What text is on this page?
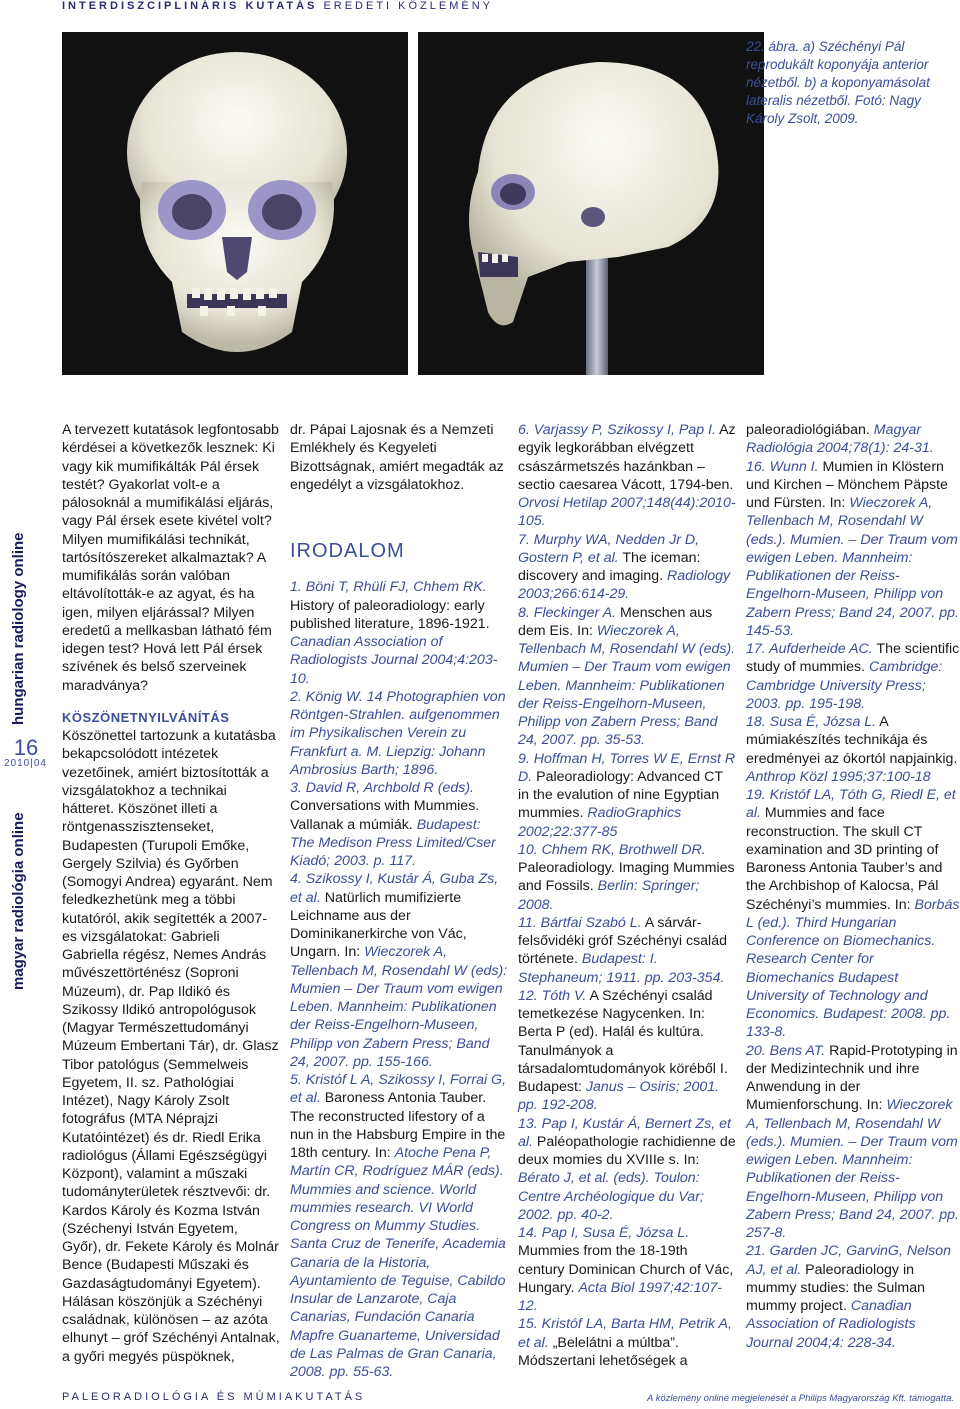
INTERDISZCIPLINÁRIS KUTATÁS EREDETI KÖZLEMÉNY
22. ábra. a) Széchényi Pál reprodukált koponyája anterior nézetből. b) a koponyamásolat lateralis nézetből. Fotó: Nagy Károly Zsolt, 2009.
magyar radiológia online
hungarian radiology online
16
2010|04

A tervezett kutatások legfontosabb kérdései a következők lesznek: Ki vagy kik mumifikálták Pál érsek testét? Gyakorlat volt-e a pálosoknál a mumifikálási eljárás, vagy Pál érsek esete kivétel volt? Milyen mumifikálási technikát, tartósítószereket alkalmaztak? A mumifikálás során valóban eltávolították-e az agyat, és ha igen, milyen eljárással? Milyen eredetű a mellkasban látható fém idegen test? Hová lett Pál érsek szívének és belső szerveinek maradványa?

KÖSZÖNETNYILVÁNÍTÁS

Köszönettel tartozunk a kutatásba bekapcsolódott intézetek vezetőinek, amiért biztosították a vizsgálatokhoz a technikai hátteret. Köszönet illeti a röntgenasszisztenseket, Budapesten (Turupoli Emőke, Gergely Szilvia) és Győrben (Somogyi Andrea) egyaránt. Nem feledkezhetünk meg a többi kutatóról, akik segítették a 2007-es vizsgálatokat: Gabrieli Gabriella régész, Nemes András művészettörténész (Soproni Múzeum), dr. Pap Ildikó és Szikossy Ildikó antropológusok (Magyar Természettudományi Múzeum Embertani Tár), dr. Glasz Tibor patológus (Semmelweis Egyetem, II. sz. Pathológiai Intézet), Nagy Károly Zsolt fotográfus (MTA Néprajzi Kutatóintézet) és dr. Riedl Erika radiológus (Állami Egészségügyi Központ), valamint a műszaki tudományterületek résztvevői: dr. Kardos Károly és Kozma István (Széchenyi István Egyetem, Győr), dr. Fekete Károly és Molnár Bence (Budapesti Műszaki és Gazdaságtudományi Egyetem). Hálásan köszönjük a Széchényi családnak, különösen – az azóta elhunyt – gróf Széchényi Antalnak, a győri megyés püspöknek,

dr. Pápai Lajosnak és a Nemzeti Emlékhely és Kegyeleti Bizottságnak, amiért megadták az engedélyt a vizsgálatokhoz.

IRODALOM

1. Böni T, Rhüli FJ, Chhem RK. History of paleoradiology: early published literature, 1896-1921. Canadian Association of Radiologists Journal 2004;4:203-10.

2. König W. 14 Photographien von Röntgen-Strahlen. aufgenommen im Physikalischen Verein zu Frankfurt a. M. Liepzig: Johann Ambrosius Barth; 1896.

3. David R, Archbold R (eds). Conversations with Mummies. Vallanak a múmiák. Budapest: The Medison Press Limited/Cser Kiadó; 2003. p. 117.

4. Szikossy I, Kustár Á, Guba Zs, et al. Natürlich mumifizierte Leichname aus der Dominikanerkirche von Vác, Ungarn. In: Wieczorek A, Tellenbach M, Rosendahl W (eds): Mumien – Der Traum vom ewigen Leben. Mannheim: Publikationen der Reiss-Engelhorn-Museen, Philipp von Zabern Press; Band 24, 2007. pp. 155-166.

5. Kristóf L A, Szikossy I, Forrai G, et al. Baroness Antonia Tauber. The reconstructed lifestory of a nun in the Habsburg Empire in the 18th century. In: Atoche Pena P, Martín CR, Rodríguez MÁR (eds). Mummies and science. World mummies research. VI World Congress on Mummy Studies. Santa Cruz de Tenerife, Academia Canaria de la Historia, Ayuntamiento de Teguise, Cabildo Insular de Lanzarote, Caja Canarias, Fundación Canaria Mapfre Guanarteme, Universidad de Las Palmas de Gran Canaria, 2008. pp. 55-63.

6. Varjassy P, Szikossy I, Pap I. Az egyik legkorábban elvégzett császármetszés hazánkban –sectio caesarea Vácott, 1794-ben. Orvosi Hetilap 2007;148(44):2010-105.

7. Murphy WA, Nedden Jr D, Gostern P, et al. The iceman: discovery and imaging. Radiology 2003;266:614-29.

8. Fleckinger A. Menschen aus dem Eis. In: Wieczorek A, Tellenbach M, Rosendahl W (eds). Mumien – Der Traum vom ewigen Leben. Mannheim: Publikationen der Reiss-Engelhorn-Museen, Philipp von Zabern Press; Band 24, 2007. pp. 35-53.

9. Hoffman H, Torres W E, Ernst R D. Paleoradiology: Advanced CT in the evalution of nine Egyptian mummies. RadioGraphics 2002;22:377-85

10. Chhem RK, Brothwell DR. Paleoradiology. Imaging Mummies and Fossils. Berlin: Springer; 2008.

11. Bártfai Szabó L. A sárvár-felsővidéki gróf Széchényi család története. Budapest: I. Stephaneum; 1911. pp. 203-354.

12. Tóth V. A Széchényi család temetkezése Nagycenken. In: Berta P (ed). Halál és kultúra. Tanulmányok a társadalomtudományok köréből I. Budapest: Janus – Osiris; 2001. pp. 192-208.

13. Pap I, Kustár Á, Bernert Zs, et al. Paléopathologie rachidienne de deux momies du XVIIIe s. In: Bérato J, et al. (eds). Toulon: Centre Archéologique du Var; 2002. pp. 40-2.

14. Pap I, Susa É, Józsa L. Mummies from the 18-19th century Dominican Church of Vác, Hungary. Acta Biol 1997;42:107-12.

15. Kristóf LA, Barta HM, Petrik A, et al. „Belelátni a múltba”. Módszertani lehetőségek a

paleoradiológiában. Magyar Radiológia 2004;78(1): 24-31.

16. Wunn I. Mumien in Klöstern und Kirchen – Mönchem Päpste und Fürsten. In: Wieczorek A, Tellenbach M, Rosendahl W (eds.). Mumien. – Der Traum vom ewigen Leben. Mannheim: Publikationen der Reiss-Engelhorn-Museen, Philipp von Zabern Press; Band 24, 2007. pp. 145-53.

17. Aufderheide AC. The scientific study of mummies. Cambridge: Cambridge University Press; 2003. pp. 195-198.

18. Susa É, Józsa L. A múmiakészítés technikája és eredményei az ókortól napjainkig. Anthrop Közl 1995;37:100-18

19. Kristóf LA, Tóth G, Riedl E, et al. Mummies and face reconstruction. The skull CT examination and 3D printing of Baroness Antonia Tauber’s and the Archbishop of Kalocsa, Pál Széchényi’s mummies. In: Borbás L (ed.). Third Hungarian Conference on Biomechanics. Research Center for Biomechanics Budapest University of Technology and Economics. Budapest: 2008. pp. 133-8.

20. Bens AT. Rapid-Prototyping in der Medizintechnik und ihre Anwendung in der Mumienforschung. In: Wieczorek A, Tellenbach M, Rosendahl W (eds.). Mumien. – Der Traum vom ewigen Leben. Mannheim: Publikationen der Reiss-Engelhorn-Museen, Philipp von Zabern Press; Band 24, 2007. pp. 257-8.

21. Garden JC, GarvinG, Nelson AJ, et al. Paleoradiology in mummy studies: the Sulman mummy project. Canadian Association of Radiologists Journal 2004;4: 228-34.

PALEORADIOLÓGIA ÉS MÚMIAKUTATÁS	A közlemény online megjelenését a Philips Magyarország Kft. támogatta.
